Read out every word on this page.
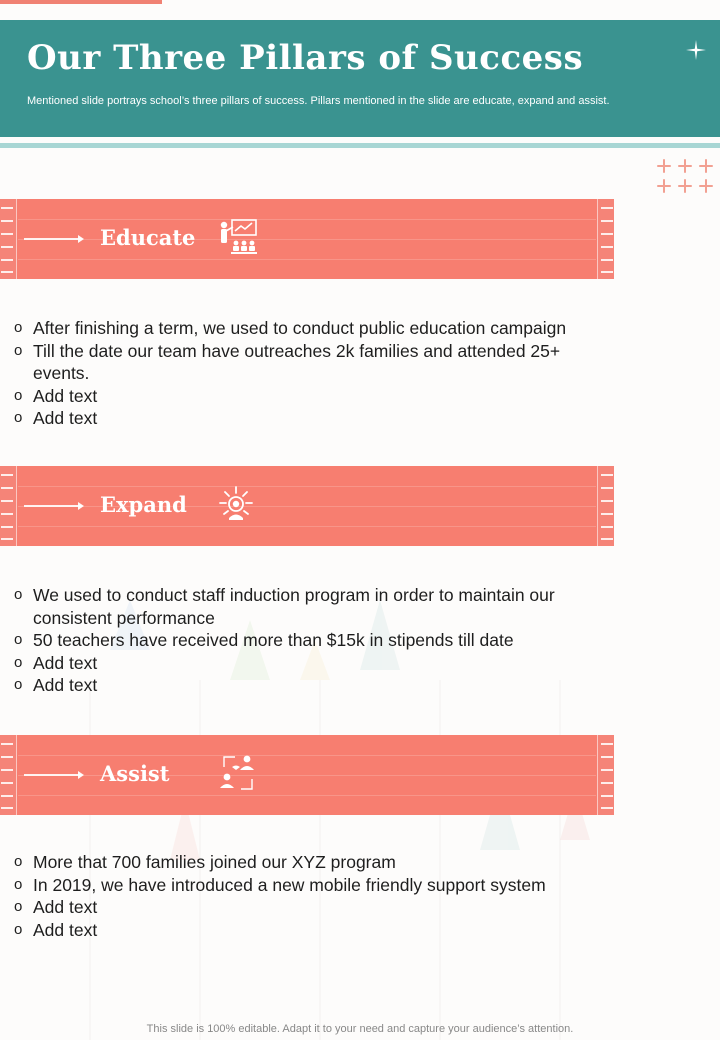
Our Three Pillars of Success

Mentioned slide portrays school’s three pillars of success. Pillars mentioned in the slide are educate, expand and assist.

Educate
o After finishing a term, we used to conduct public education campaign
o Till the date our team have outreaches 2k families and attended 25+ events.
o Add text
o Add text
Expand
o We used to conduct staff induction program in order to maintain our consistent performance
o 50 teachers have received more than $15k in stipends till date
o Add text
o Add text
Assist
o More that 700 families joined our XYZ program
o In 2019, we have introduced a new mobile friendly support system
o Add text
o Add text
This slide is 100% editable. Adapt it to your need and capture your audience’s attention.
